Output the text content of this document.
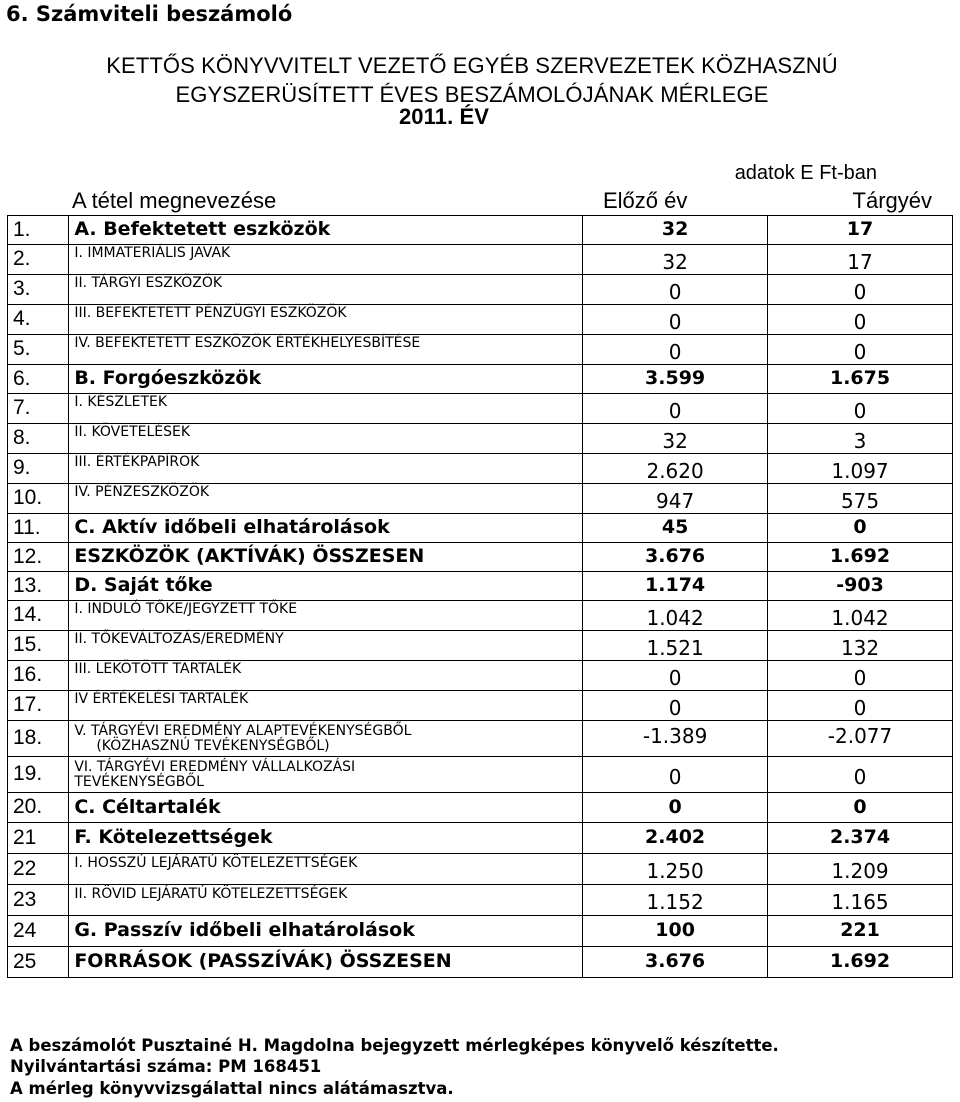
6. Számviteli beszámoló
KETTŐS KÖNYVVITELT VEZETŐ EGYÉB SZERVEZETEK KÖZHASZNÚ
EGYSZERÜSÍTETT ÉVES BESZÁMOLÓJÁNAK MÉRLEGE
2011. ÉV
adatok E Ft-ban
A tétel megnevezése	Előző év	Tárgyév
1.	A. Befektetett eszközök	32	17
2.	I. IMMATERIÁLIS JAVAK	32	17
3.	II. TÁRGYI ESZKÖZÖK	0	0
4.	III. BEFEKTETETT PÉNZÜGYI ESZKÖZÖK	0	0
5.	IV. BEFEKTETETT ESZKÖZÖK ÉRTÉKHELYESBÍTÉSE	0	0
6.	B. Forgóeszközök	3.599	1.675
7.	I. KÉSZLETEK	0	0
8.	II. KÖVETELÉSEK	32	3
9.	III. ÉRTÉKPAPÍROK	2.620	1.097
10.	IV. PÉNZESZKÖZÖK	947	575
11.	C. Aktív időbeli elhatárolások	45	0
12.	ESZKÖZÖK (AKTÍVÁK) ÖSSZESEN	3.676	1.692
13.	D. Saját tőke	1.174	-903
14.	I. INDULÓ TŐKE/JEGYZETT TŐKE	1.042	1.042
15.	II. TŐKEVÁLTOZÁS/EREDMÉNY	1.521	132
16.	III. LEKÖTÖTT TARTALÉK	0	0
17.	IV ÉRTÉKELÉSI TARTALÉK	0	0
18.	V. TÁRGYÉVI EREDMÉNY ALAPTEVÉKENYSÉGBŐL
(KÖZHASZNÚ TEVÉKENYSÉGBŐL)	-1.389	-2.077
19.	VI. TÁRGYÉVI EREDMÉNY VÁLLALKOZÁSI
TEVÉKENYSÉGBŐL	0	0
20.	C. Céltartalék	0	0
21	F. Kötelezettségek	2.402	2.374
22	I. HOSSZÚ LEJÁRATÚ KÖTELEZETTSÉGEK	1.250	1.209
23	II. RÖVID LEJÁRATÚ KÖTELEZETTSÉGEK	1.152	1.165
24	G. Passzív időbeli elhatárolások	100	221
25	FORRÁSOK (PASSZÍVÁK) ÖSSZESEN	3.676	1.692
A beszámolót Pusztainé H. Magdolna bejegyzett mérlegképes könyvelő készítette.
Nyilvántartási száma: PM 168451
A mérleg könyvvizsgálattal nincs alátámasztva.
